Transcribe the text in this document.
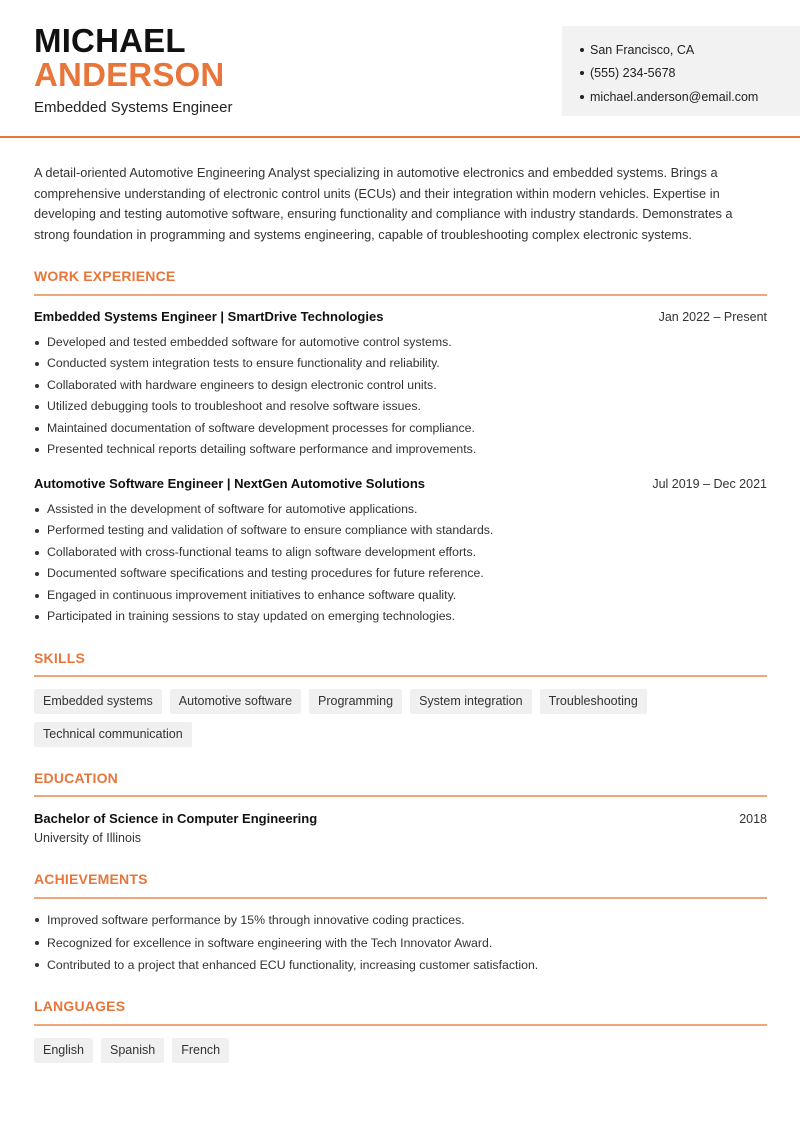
MICHAEL
ANDERSON
Embedded Systems Engineer
San Francisco, CA
(555) 234-5678
michael.anderson@email.com

A detail-oriented Automotive Engineering Analyst specializing in automotive electronics and embedded systems. Brings a comprehensive understanding of electronic control units (ECUs) and their integration within modern vehicles. Expertise in developing and testing automotive software, ensuring functionality and compliance with industry standards. Demonstrates a strong foundation in programming and systems engineering, capable of troubleshooting complex electronic systems.

WORK EXPERIENCE
Embedded Systems Engineer | SmartDrive Technologies	Jan 2022 – Present
Developed and tested embedded software for automotive control systems.
Conducted system integration tests to ensure functionality and reliability.
Collaborated with hardware engineers to design electronic control units.
Utilized debugging tools to troubleshoot and resolve software issues.
Maintained documentation of software development processes for compliance.
Presented technical reports detailing software performance and improvements.
Automotive Software Engineer | NextGen Automotive Solutions	Jul 2019 – Dec 2021
Assisted in the development of software for automotive applications.
Performed testing and validation of software to ensure compliance with standards.
Collaborated with cross-functional teams to align software development efforts.
Documented software specifications and testing procedures for future reference.
Engaged in continuous improvement initiatives to enhance software quality.
Participated in training sessions to stay updated on emerging technologies.
SKILLS
Embedded systems	Automotive software	Programming	System integration	Troubleshooting
Technical communication
EDUCATION
Bachelor of Science in Computer Engineering	2018
University of Illinois
ACHIEVEMENTS
Improved software performance by 15% through innovative coding practices.
Recognized for excellence in software engineering with the Tech Innovator Award.
Contributed to a project that enhanced ECU functionality, increasing customer satisfaction.
LANGUAGES
English	Spanish	French
